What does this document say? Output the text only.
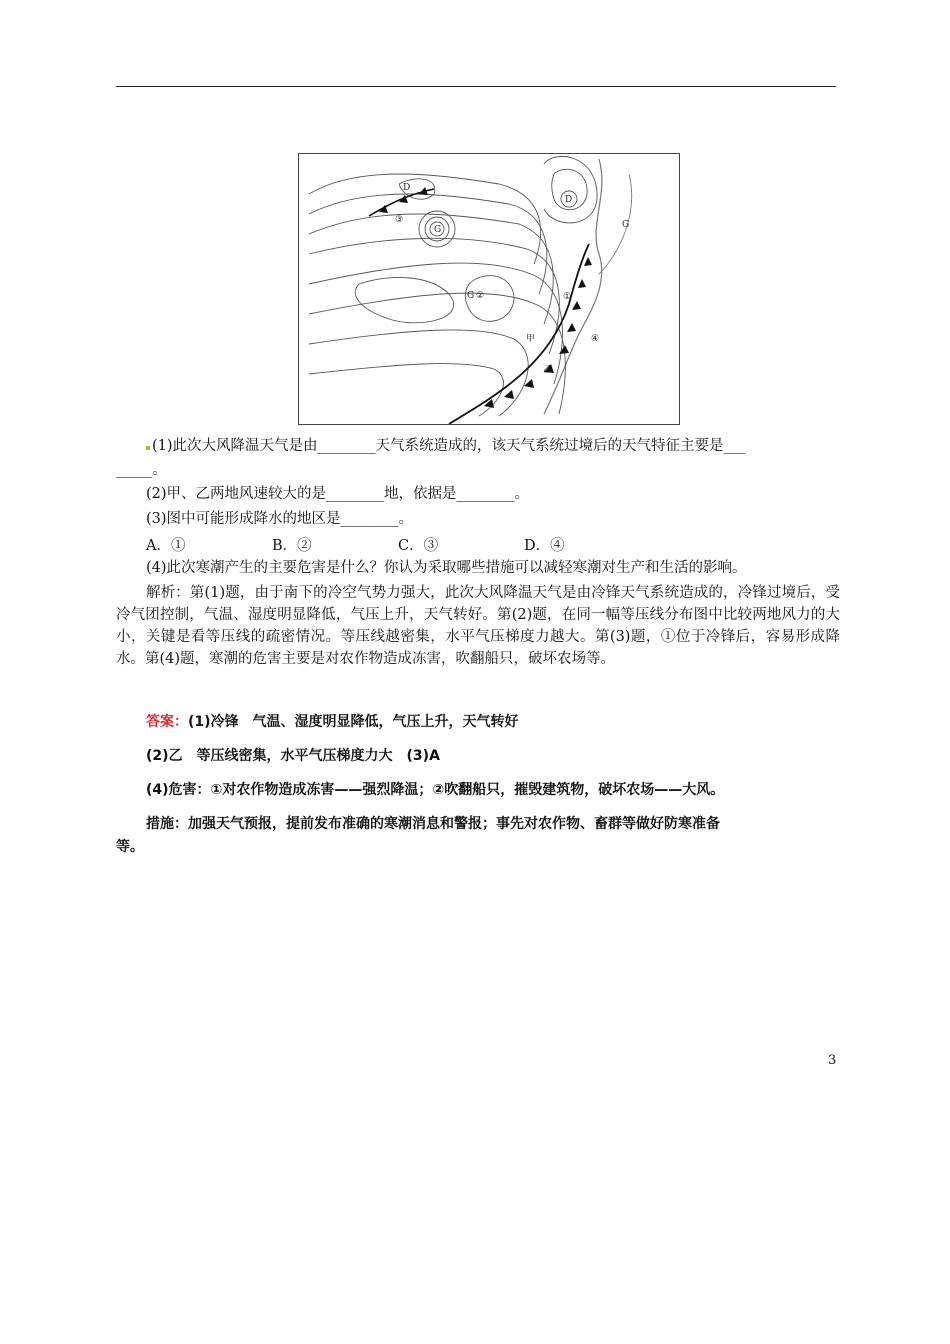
D
G
G
D
G
①
②
③
④
甲
乙
(1)此次大风降温天气是由________天气系统造成的，该天气系统过境后的天气特征主要是___
_____。
(2)甲、乙两地风速较大的是________地，依据是________。
(3)图中可能形成降水的地区是________。
A．①	B．②	C．③	D．④
(4)此次寒潮产生的主要危害是什么？你认为采取哪些措施可以减轻寒潮对生产和生活的影响。
解析：第(1)题，由于南下的冷空气势力强大，此次大风降温天气是由冷锋天气系统造成的，冷锋过境后，受冷气团控制，气温、湿度明显降低，气压上升，天气转好。第(2)题，在同一幅等压线分布图中比较两地风力的大小，关键是看等压线的疏密情况。等压线越密集，水平气压梯度力越大。第(3)题，①位于冷锋后，容易形成降水。第(4)题，寒潮的危害主要是对农作物造成冻害，吹翻船只，破坏农场等。
答案：(1)冷锋　气温、湿度明显降低，气压上升，天气转好
(2)乙　等压线密集，水平气压梯度力大　(3)A
(4)危害：①对农作物造成冻害——强烈降温；②吹翻船只，摧毁建筑物，破坏农场——大风。
措施：加强天气预报，提前发布准确的寒潮消息和警报；事先对农作物、畜群等做好防寒准备
等。
3
